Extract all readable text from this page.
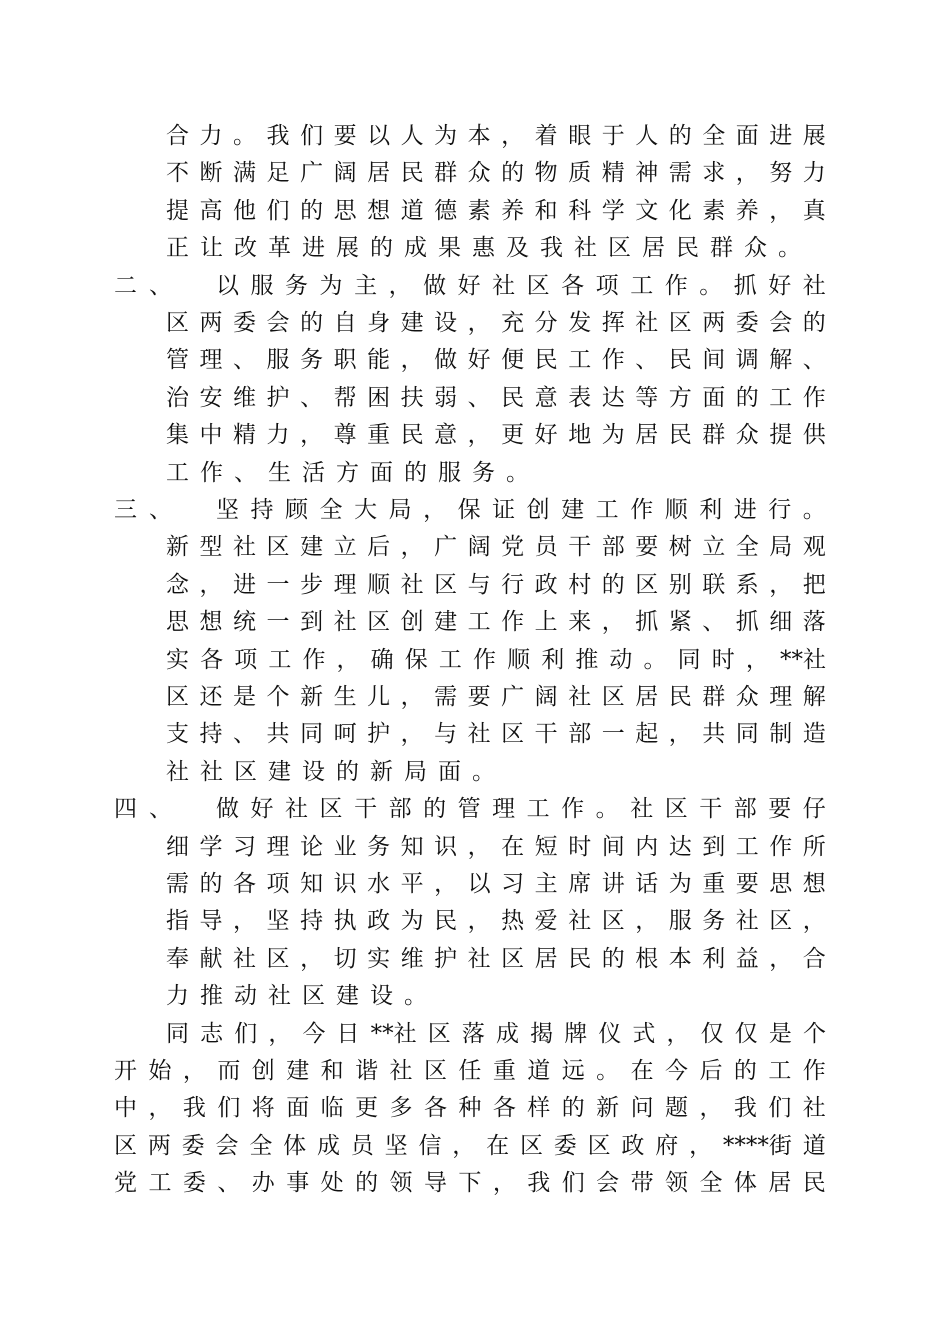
合 力 。 我 们 要 以 人 为 本 ， 着 眼 于 人 的 全 面 进 展
不 断 满 足 广 阔 居 民 群 众 的 物 质 精 神 需 求 ， 努 力
提 高 他 们 的 思 想 道 德 素 养 和 科 学 文 化 素 养 ， 真
正 让 改 革 进 展 的 成 果 惠 及 我 社 区 居 民 群 众 。
二、 以 服 务 为 主 ， 做 好 社 区 各 项 工 作 。 抓 好 社
区 两 委 会 的 自 身 建 设 ， 充 分 发 挥 社 区 两 委 会 的
管 理 、 服 务 职 能 ， 做 好 便 民 工 作 、 民 间 调 解 、
治 安 维 护 、 帮 困 扶 弱 、 民 意 表 达 等 方 面 的 工 作
集 中 精 力 ， 尊 重 民 意 ， 更 好 地 为 居 民 群 众 提 供
工 作 、 生 活 方 面 的 服 务 。
三、 坚 持 顾 全 大 局 ， 保 证 创 建 工 作 顺 利 进 行 。
新 型 社 区 建 立 后 ， 广 阔 党 员 干 部 要 树 立 全 局 观
念 ， 进 一 步 理 顺 社 区 与 行 政 村 的 区 别 联 系 ， 把
思 想 统 一 到 社 区 创 建 工 作 上 来 ， 抓 紧 、 抓 细 落
实 各 项 工 作 ， 确 保 工 作 顺 利 推 动 。 同 时 ， **社
区 还 是 个 新 生 儿 ， 需 要 广 阔 社 区 居 民 群 众 理 解
支 持 、 共 同 呵 护 ， 与 社 区 干 部 一 起 ， 共 同 制 造
社 社 区 建 设 的 新 局 面 。
四、 做 好 社 区 干 部 的 管 理 工 作 。 社 区 干 部 要 仔
细 学 习 理 论 业 务 知 识 ， 在 短 时 间 内 达 到 工 作 所
需 的 各 项 知 识 水 平 ， 以 习 主 席 讲 话 为 重 要 思 想
指 导 ， 坚 持 执 政 为 民 ， 热 爱 社 区 ， 服 务 社 区 ，
奉 献 社 区 ， 切 实 维 护 社 区 居 民 的 根 本 利 益 ， 合
力 推 动 社 区 建 设 。
同 志 们 ， 今 日 **社 区 落 成 揭 牌 仪 式 ， 仅 仅 是 个
开 始 ， 而 创 建 和 谐 社 区 任 重 道 远 。 在 今 后 的 工 作
中 ， 我 们 将 面 临 更 多 各 种 各 样 的 新 问 题 ， 我 们 社
区 两 委 会 全 体 成 员 坚 信 ， 在 区 委 区 政 府 ， ****街 道
党 工 委 、 办 事 处 的 领 导 下 ， 我 们 会 带 领 全 体 居 民
